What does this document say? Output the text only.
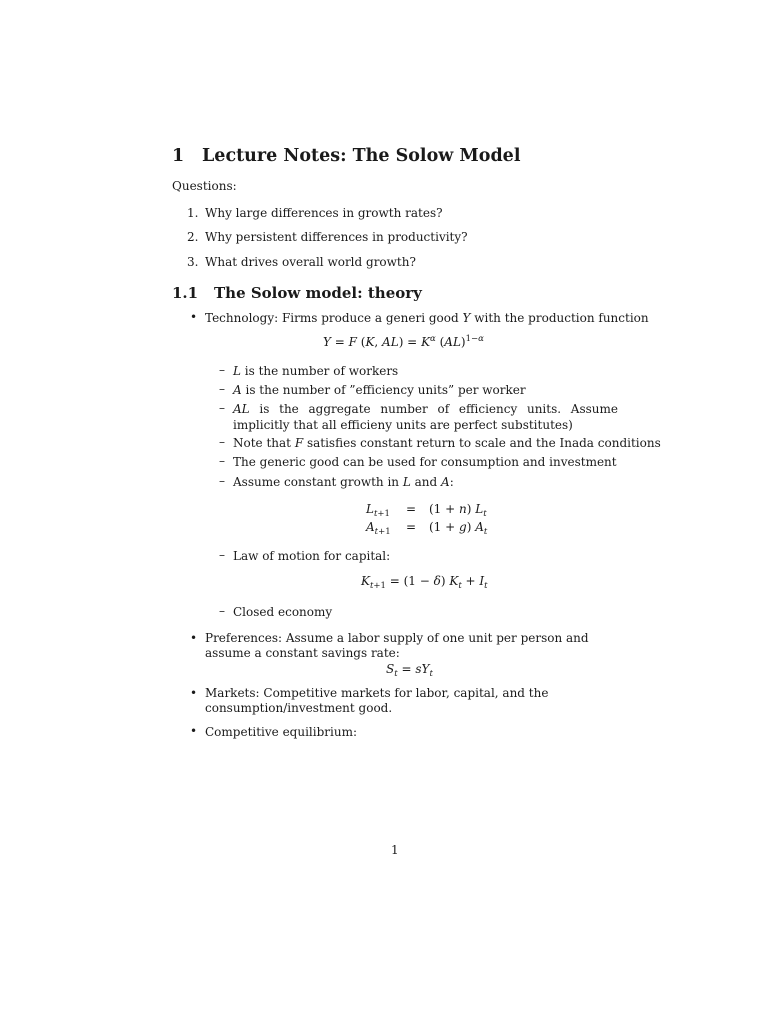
1 Lecture Notes: The Solow Model
Questions:
1. Why large differences in growth rates?
2. Why persistent differences in productivity?
3. What drives overall world growth?
1.1 The Solow model: theory
• Technology: Firms produce a generi good Y with the production function
Y = F (K, $AL) = K^\alpha$ (AL)$^{1-\alpha}$
– L is the number of workers
– A is the number of ”efficiency units” per worker
– AL is the aggregate number of efficiency units. Assume implicitly that all efficieny units are perfect substitutes)
– Note that F satisfies constant return to scale and the Inada conditions
– The generic good can be used for consumption and investment
– Assume constant growth in L and A:
$L_{t+1} = (1 + n)$ $L_t$
$A_{t+1} = (1 + g)$ $A_t$
– Law of motion for capital:
$K_{t+1} = (1 - \delta) K_t + I_t$
– Closed economy
• Preferences: Assume a labor supply of one unit per person and assume a constant savings rate:
$S_t = sY_t$
• Markets: Competitive markets for labor, capital, and the consumption/investment good.
• Competitive equilibrium:
1
